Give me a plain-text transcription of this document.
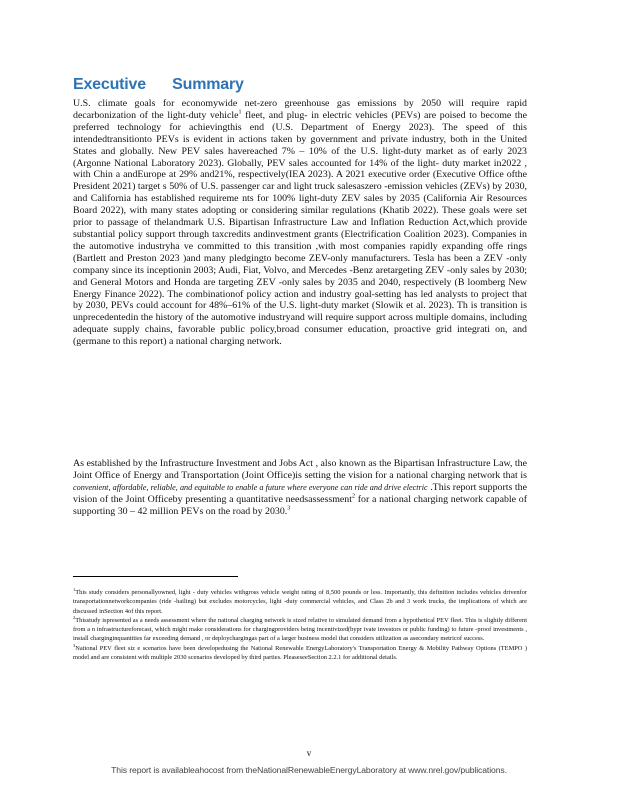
Executive Summary

U.S. climate goals for economywide net-zero greenhouse gas emissions by 2050 will require rapid decarbonization of the light-duty vehicle$^1$ fleet, and plug- in electric vehicles (PEVs) are poised to become the preferred technology for achievingthis end (U.S. Department of Energy 2023). The speed of this intendedtransitionto PEVs is evident in actions taken by government and private industry, both in the United States and globally. New PEV sales havereached 7% – 10% of the U.S. light-duty market as of early 2023 (Argonne National Laboratory 2023). Globally, PEV sales accounted for 14% of the light- duty market in2022 , with Chin a andEurope at 29% and21%, respectively(IEA 2023). A 2021 executive order (Executive Office ofthe President 2021) target s 50% of U.S. passenger car and light truck salesaszero -emission vehicles (ZEVs) by 2030, and California has established requireme nts for 100% light-duty ZEV sales by 2035 (California Air Resources Board 2022), with many states adopting or considering similar regulations (Khatib 2022). These goals were set prior to passage of thelandmark U.S. Bipartisan Infrastructure Law and Inflation Reduction Act,which provide substantial policy support through taxcredits andinvestment grants (Electrification Coalition 2023). Companies in the automotive industryha ve committed to this transition ,with most companies rapidly expanding offe rings (Bartlett and Preston 2023 )and many pledgingto become ZEV-only manufacturers. Tesla has been a ZEV -only company since its inceptionin 2003; Audi, Fiat, Volvo, and Mercedes -Benz aretargeting ZEV -only sales by 2030; and General Motors and Honda are targeting ZEV -only sales by 2035 and 2040, respectively (B loomberg New Energy Finance 2022). The combinationof policy action and industry goal-setting has led analysts to project that by 2030, PEVs could account for 48%–61% of the U.S. light-duty market (Slowik et al. 2023). Th is transition is unprecedentedin the history of the automotive industryand will require support across multiple domains, including adequate supply chains, favorable public policy,broad consumer education, proactive grid integrati on, and (germane to this report) a national charging network.

As established by the Infrastructure Investment and Jobs Act , also known as the Bipartisan Infrastructure Law, the Joint Office of Energy and Transportation (Joint Office)is setting the vision for a national charging network that is convenient, affordable, reliable, and equitable to enable a future where everyone can ride and drive electric .This report supports the vision of the Joint Officeby presenting a quantitative needsassessment$^2$ for a national charging network capable of supporting 30 – 42 million PEVs on the road by 2030.$^3$

$^1$This study considers personallyowned, light - duty vehicles withgross vehicle weight rating of 8,500 pounds or less. Importantly, this definition includes vehicles drivenfor transportationnetworkcompanies (ride -hailing) but excludes motorcycles, light -duty commercial vehicles, and Class 2b and 3 work trucks, the implications of which are discussed inSection 4of this report.

$^2$Thisstudy ispresented as a needs assessment where the national charging network is sized relative to simulated demand from a hypothetical PEV fleet. This is slightly different from a n infrastructureforecast, which might make considerations for chargingproviders being incentivized(bypr ivate investors or public funding) to future -proof investments , install charginginquantities far exceeding demand , or deploychargingas part of a larger business model that considers utilization as asecondary metricof success.

$^3$National PEV fleet siz e scenarios have been developedusing the National Renewable EnergyLaboratory's Transportation Energy & Mobility Pathway Options (TEMPO ) model and are consistent with multiple 2030 scenarios developed by third parties. PleaseseeSection 2.2.1 for additional details.

v
This report is availableahocost from theNationalRenewableEnergyLaboratory at www.nrel.gov/publications.
